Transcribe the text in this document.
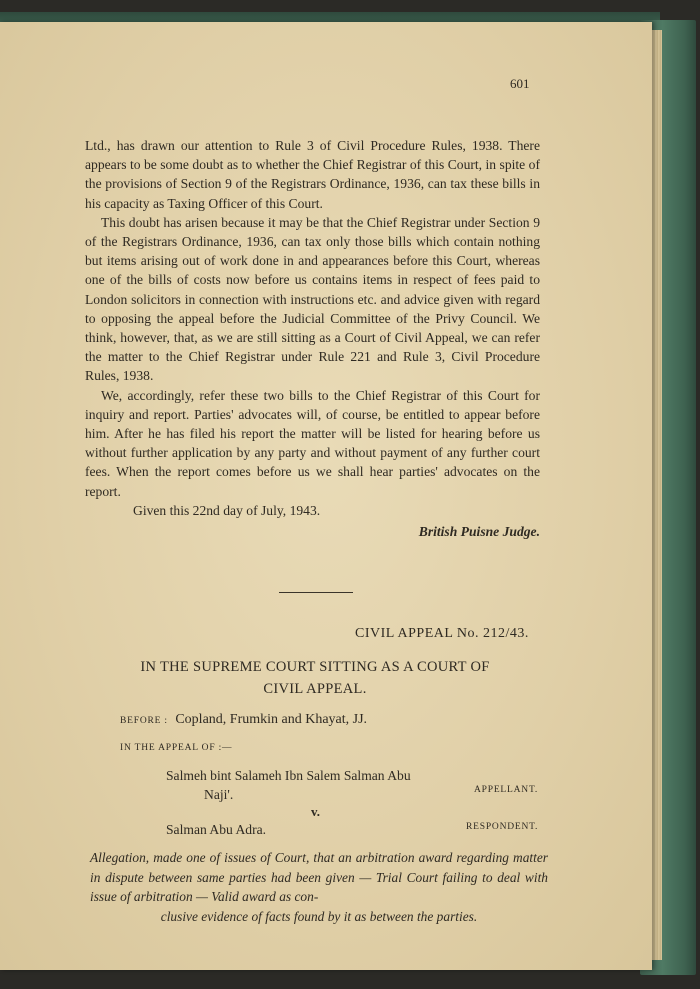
601

Ltd., has drawn our attention to Rule 3 of Civil Procedure Rules, 1938. There appears to be some doubt as to whether the Chief Registrar of this Court, in spite of the provisions of Section 9 of the Registrars Ordinance, 1936, can tax these bills in his capacity as Taxing Officer of this Court.

This doubt has arisen because it may be that the Chief Registrar under Section 9 of the Registrars Ordinance, 1936, can tax only those bills which contain nothing but items arising out of work done in and appearances before this Court, whereas one of the bills of costs now before us contains items in respect of fees paid to London solicitors in connection with instructions etc. and advice given with regard to opposing the appeal before the Judicial Committee of the Privy Council. We think, however, that, as we are still sitting as a Court of Civil Appeal, we can refer the matter to the Chief Registrar under Rule 221 and Rule 3, Civil Procedure Rules, 1938.

We, accordingly, refer these two bills to the Chief Registrar of this Court for inquiry and report. Parties' advocates will, of course, be entitled to appear before him. After he has filed his report the matter will be listed for hearing before us without further application by any party and without payment of any further court fees. When the report comes before us we shall hear parties' advocates on the report.

Given this 22nd day of July, 1943.

British Puisne Judge.

CIVIL APPEAL No. 212/43.
IN THE SUPREME COURT SITTING AS A COURT OF
CIVIL APPEAL.
BEFORE : Copland, Frumkin and Khayat, JJ.
IN THE APPEAL OF :—
Salmeh bint Salameh Ibn Salem Salman Abu
Naji'.	APPELLANT.
v.
Salman Abu Adra.	RESPONDENT.
Allegation, made one of issues of Court, that an arbitration award regarding matter in dispute between same parties had been given — Trial Court failing to deal with issue of arbitration — Valid award as con-
clusive evidence of facts found by it as between the parties.
